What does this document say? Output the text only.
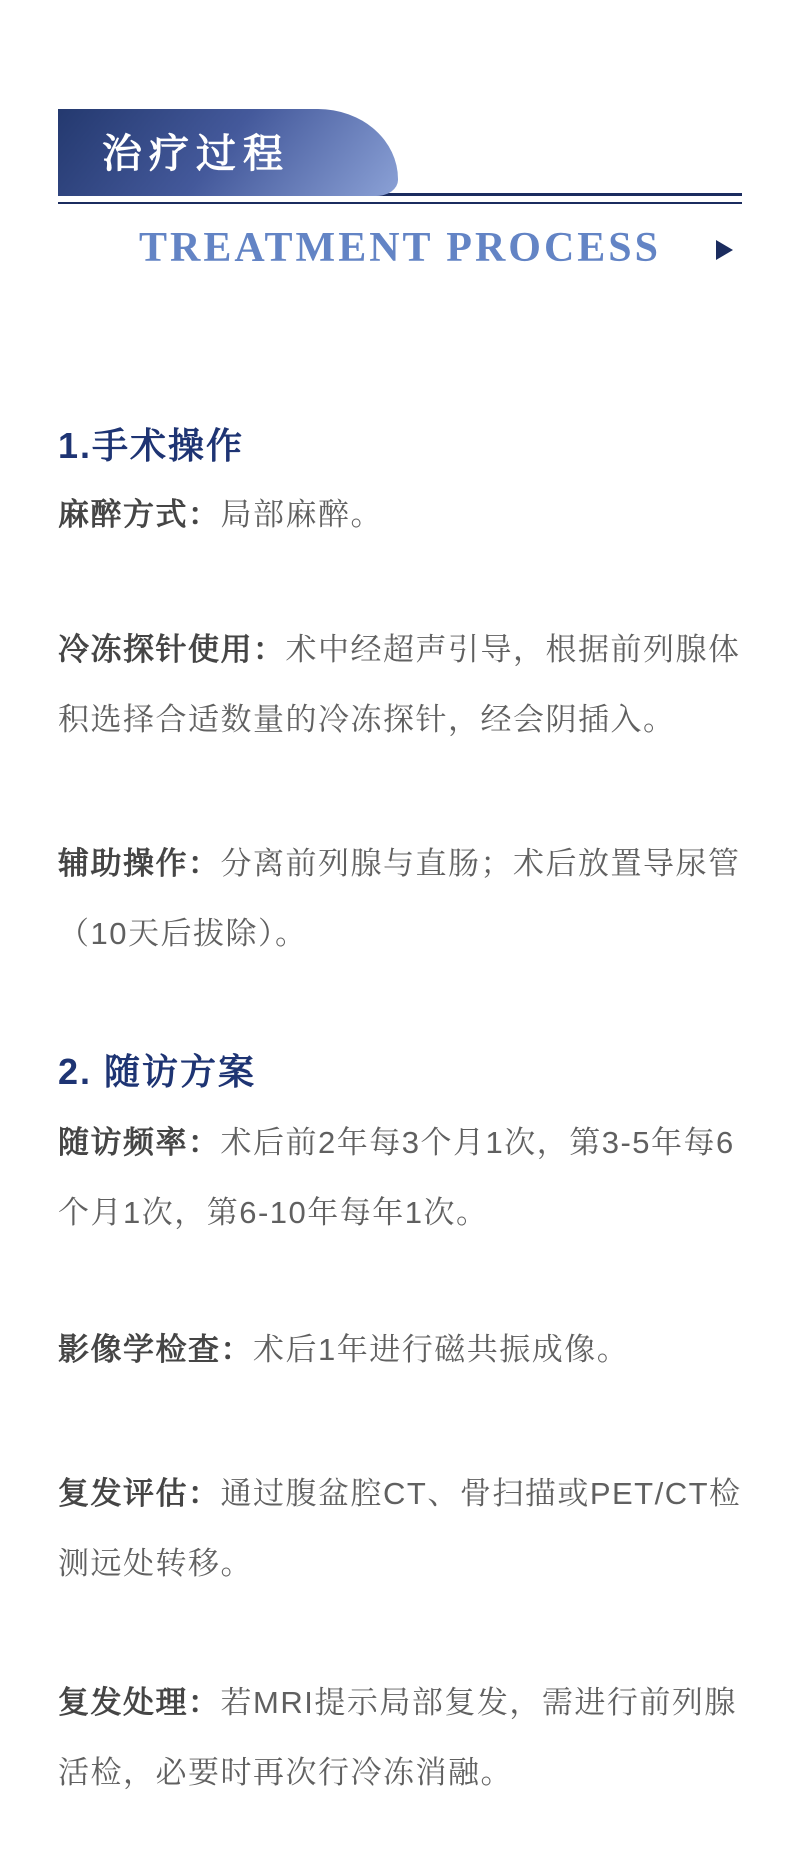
治疗过程
TREATMENT PROCESS
1.手术操作
麻醉方式：局部麻醉。
冷冻探针使用：术中经超声引导，根据前列腺体
积选择合适数量的冷冻探针，经会阴插入。
辅助操作：分离前列腺与直肠；术后放置导尿管
（10天后拔除）。
2. 随访方案
随访频率：术后前2年每3个月1次，第3-5年每6
个月1次，第6-10年每年1次。
影像学检查：术后1年进行磁共振成像。
复发评估：通过腹盆腔CT、骨扫描或PET/CT检
测远处转移。
复发处理：若MRI提示局部复发，需进行前列腺
活检，必要时再次行冷冻消融。
